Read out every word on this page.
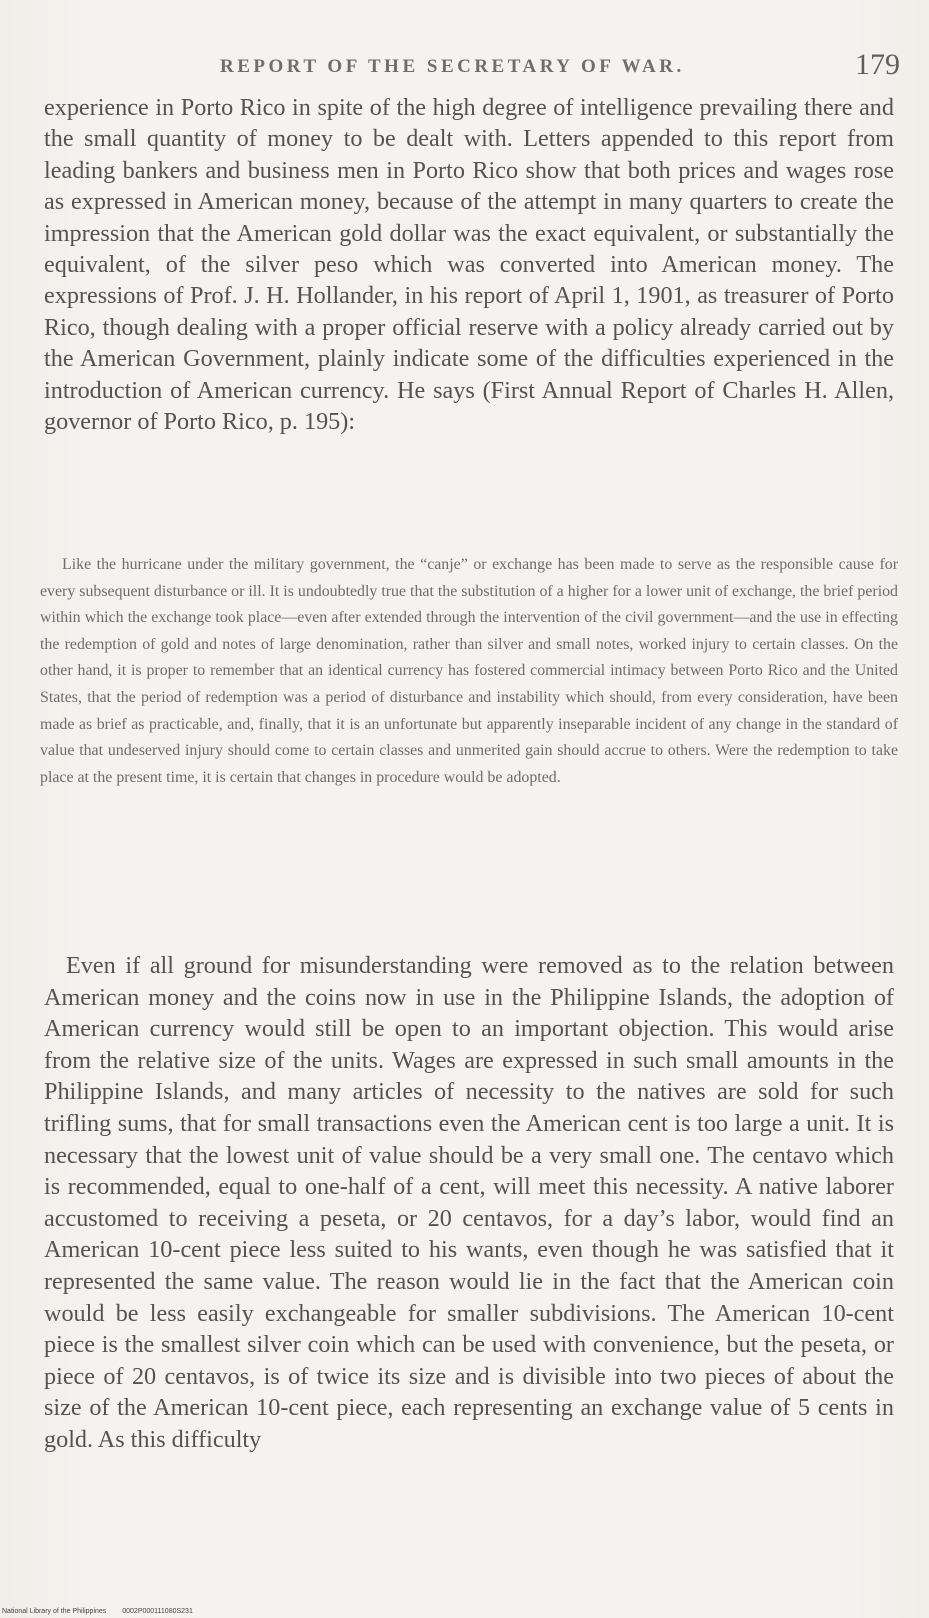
REPORT OF THE SECRETARY OF WAR.	179

experience in Porto Rico in spite of the high degree of intelligence prevailing there and the small quantity of money to be dealt with. Letters appended to this report from leading bankers and business men in Porto Rico show that both prices and wages rose as expressed in American money, because of the attempt in many quarters to create the impression that the American gold dollar was the exact equivalent, or substantially the equivalent, of the silver peso which was converted into American money. The expressions of Prof. J. H. Hollander, in his report of April 1, 1901, as treasurer of Porto Rico, though dealing with a proper official reserve with a policy already carried out by the American Government, plainly indicate some of the difficulties experienced in the introduction of American currency. He says (First Annual Report of Charles H. Allen, governor of Porto Rico, p. 195):

Like the hurricane under the military government, the “canje” or exchange has been made to serve as the responsible cause for every subsequent disturbance or ill. It is undoubtedly true that the substitution of a higher for a lower unit of exchange, the brief period within which the exchange took place—even after extended through the intervention of the civil government—and the use in effecting the redemption of gold and notes of large denomination, rather than silver and small notes, worked injury to certain classes. On the other hand, it is proper to remember that an identical currency has fostered commercial intimacy between Porto Rico and the United States, that the period of redemption was a period of disturbance and instability which should, from every consideration, have been made as brief as practicable, and, finally, that it is an unfortunate but apparently inseparable incident of any change in the standard of value that undeserved injury should come to certain classes and unmerited gain should accrue to others. Were the redemption to take place at the present time, it is certain that changes in procedure would be adopted.

Even if all ground for misunderstanding were removed as to the relation between American money and the coins now in use in the Philippine Islands, the adoption of American currency would still be open to an important objection. This would arise from the relative size of the units. Wages are expressed in such small amounts in the Philippine Islands, and many articles of necessity to the natives are sold for such trifling sums, that for small transactions even the American cent is too large a unit. It is necessary that the lowest unit of value should be a very small one. The centavo which is recommended, equal to one-half of a cent, will meet this necessity. A native laborer accustomed to receiving a peseta, or 20 centavos, for a day’s labor, would find an American 10-cent piece less suited to his wants, even though he was satisfied that it represented the same value. The reason would lie in the fact that the American coin would be less easily exchangeable for smaller subdivisions. The American 10-cent piece is the smallest silver coin which can be used with convenience, but the peseta, or piece of 20 centavos, is of twice its size and is divisible into two pieces of about the size of the American 10-cent piece, each representing an exchange value of 5 cents in gold. As this difficulty

National Library of the Philippines 0002P000111080S231
